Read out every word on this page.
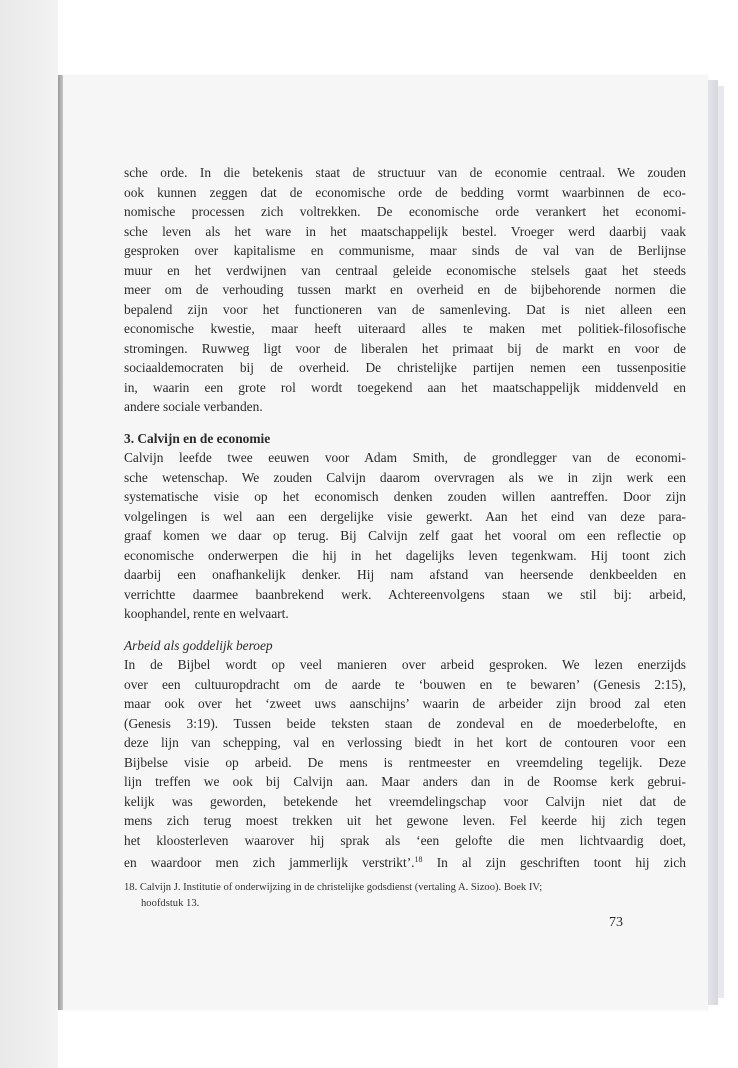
sche orde. In die betekenis staat de structuur van de economie centraal. We zouden
ook kunnen zeggen dat de economische orde de bedding vormt waarbinnen de eco-
nomische processen zich voltrekken. De economische orde verankert het economi-
sche leven als het ware in het maatschappelijk bestel. Vroeger werd daarbij vaak
gesproken over kapitalisme en communisme, maar sinds de val van de Berlijnse
muur en het verdwijnen van centraal geleide economische stelsels gaat het steeds
meer om de verhouding tussen markt en overheid en de bijbehorende normen die
bepalend zijn voor het functioneren van de samenleving. Dat is niet alleen een
economische kwestie, maar heeft uiteraard alles te maken met politiek-filosofische
stromingen. Ruwweg ligt voor de liberalen het primaat bij de markt en voor de
sociaaldemocraten bij de overheid. De christelijke partijen nemen een tussenpositie
in, waarin een grote rol wordt toegekend aan het maatschappelijk middenveld en
andere sociale verbanden.
3. Calvijn en de economie
Calvijn leefde twee eeuwen voor Adam Smith, de grondlegger van de economi-
sche wetenschap. We zouden Calvijn daarom overvragen als we in zijn werk een
systematische visie op het economisch denken zouden willen aantreffen. Door zijn
volgelingen is wel aan een dergelijke visie gewerkt. Aan het eind van deze para-
graaf komen we daar op terug. Bij Calvijn zelf gaat het vooral om een reflectie op
economische onderwerpen die hij in het dagelijks leven tegenkwam. Hij toont zich
daarbij een onafhankelijk denker. Hij nam afstand van heersende denkbeelden en
verrichtte daarmee baanbrekend werk. Achtereenvolgens staan we stil bij: arbeid,
koophandel, rente en welvaart.
Arbeid als goddelijk beroep
In de Bijbel wordt op veel manieren over arbeid gesproken. We lezen enerzijds
over een cultuuropdracht om de aarde te ‘bouwen en te bewaren’ (Genesis 2:15),
maar ook over het ‘zweet uws aanschijns’ waarin de arbeider zijn brood zal eten
(Genesis 3:19). Tussen beide teksten staan de zondeval en de moederbelofte, en
deze lijn van schepping, val en verlossing biedt in het kort de contouren voor een
Bijbelse visie op arbeid. De mens is rentmeester en vreemdeling tegelijk. Deze
lijn treffen we ook bij Calvijn aan. Maar anders dan in de Roomse kerk gebrui-
kelijk was geworden, betekende het vreemdelingschap voor Calvijn niet dat de
mens zich terug moest trekken uit het gewone leven. Fel keerde hij zich tegen
het kloosterleven waarover hij sprak als ‘een gelofte die men lichtvaardig doet,
en waardoor men zich jammerlijk verstrikt’.$^{18}$ In al zijn geschriften toont hij zich
18. Calvijn J. Institutie of onderwijzing in de christelijke godsdienst (vertaling A. Sizoo). Boek IV;
hoofdstuk 13.
73
